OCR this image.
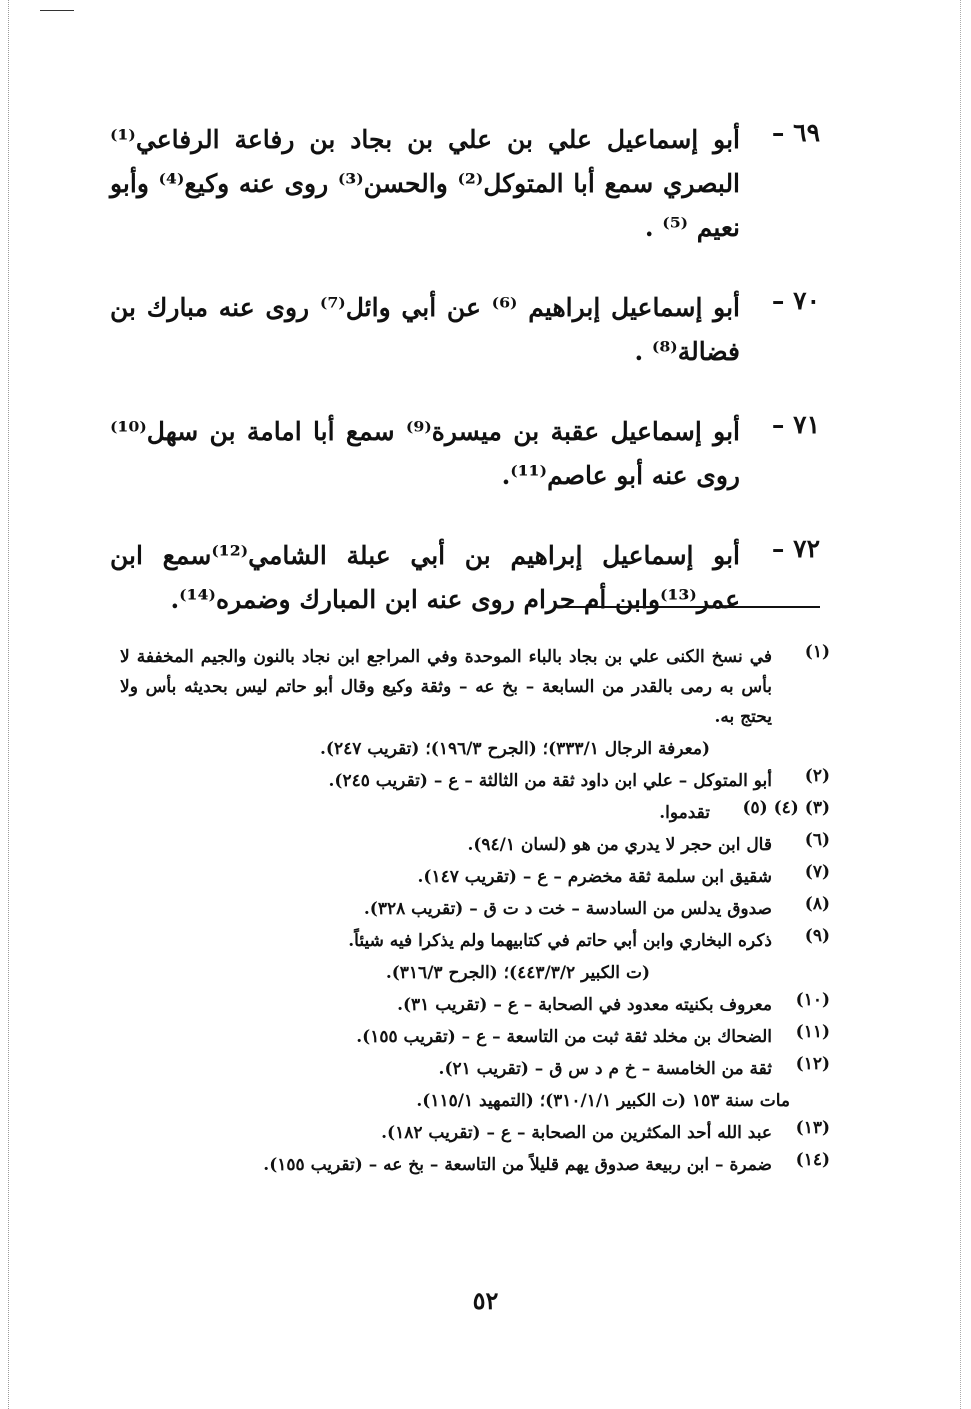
٦٩ –
أبو إسماعيل علي بن علي بن بجاد بن رفاعة الرفاعي⁽¹⁾ البصري سمع أبا المتوكل⁽²⁾ والحسن⁽³⁾ روى عنه وكيع⁽⁴⁾ وأبو نعيم ⁽⁵⁾ .
٧٠ –
أبو إسماعيل إبراهيم ⁽⁶⁾ عن أبي وائل⁽⁷⁾ روى عنه مبارك بن فضالة⁽⁸⁾ .
٧١ –
أبو إسماعيل عقبة بن ميسرة⁽⁹⁾ سمع أبا امامة بن سهل⁽¹⁰⁾روى عنه أبو عاصم⁽¹¹⁾.
٧٢ –
أبو إسماعيل إبراهيم بن أبي عبلة الشامي⁽¹²⁾سمع ابن عمر⁽¹³⁾وابن أم حرام روى عنه ابن المبارك وضمره⁽¹⁴⁾.
(١)
في نسخ الكنى علي بن بجاد بالباء الموحدة وفي المراجع ابن نجاد بالنون والجيم المخففة لا بأس به رمى بالقدر من السابعة – بخ عه – وثقة وكيع وقال أبو حاتم ليس بحديثه بأس ولا يحتج به.
(معرفة الرجال ٣٣٣/١)؛ (الجرح ١٩٦/٣)؛ (تقريب ٢٤٧).
(٢)
أبو المتوكل – علي ابن داود ثقة من الثالثة – ع – (تقريب ٢٤٥).
(٣) (٤) (٥)
تقدموا.
(٦)
قال ابن حجر لا يدري من هو (لسان ٩٤/١).
(٧)
شقيق ابن سلمة ثقة مخضرم – ع – (تقريب ١٤٧).
(٨)
صدوق يدلس من السادسة – خت د ت ق – (تقريب ٣٢٨).
(٩)
ذكره البخاري وابن أبي حاتم في كتابيهما ولم يذكرا فيه شيئاً.
(ت الكبير ٤٤٣/٣/٢)؛ (الجرح ٣١٦/٣).
(١٠)
معروف بكنيته معدود في الصحابة – ع – (تقريب ٣١).
(١١)
الضحاك بن مخلد ثقة ثبت من التاسعة – ع – (تقريب ١٥٥).
(١٢)
ثقة من الخامسة – خ م د س ق – (تقريب ٢١).
مات سنة ١٥٣ (ت الكبير ٣١٠/١/١)؛ (التمهيد ١١٥/١).
(١٣)
عبد الله أحد المكثرين من الصحابة – ع – (تقريب ١٨٢).
(١٤)
ضمرة – ابن ربيعة صدوق يهم قليلاً من التاسعة – بخ عه – (تقريب ١٥٥).
٥٢
